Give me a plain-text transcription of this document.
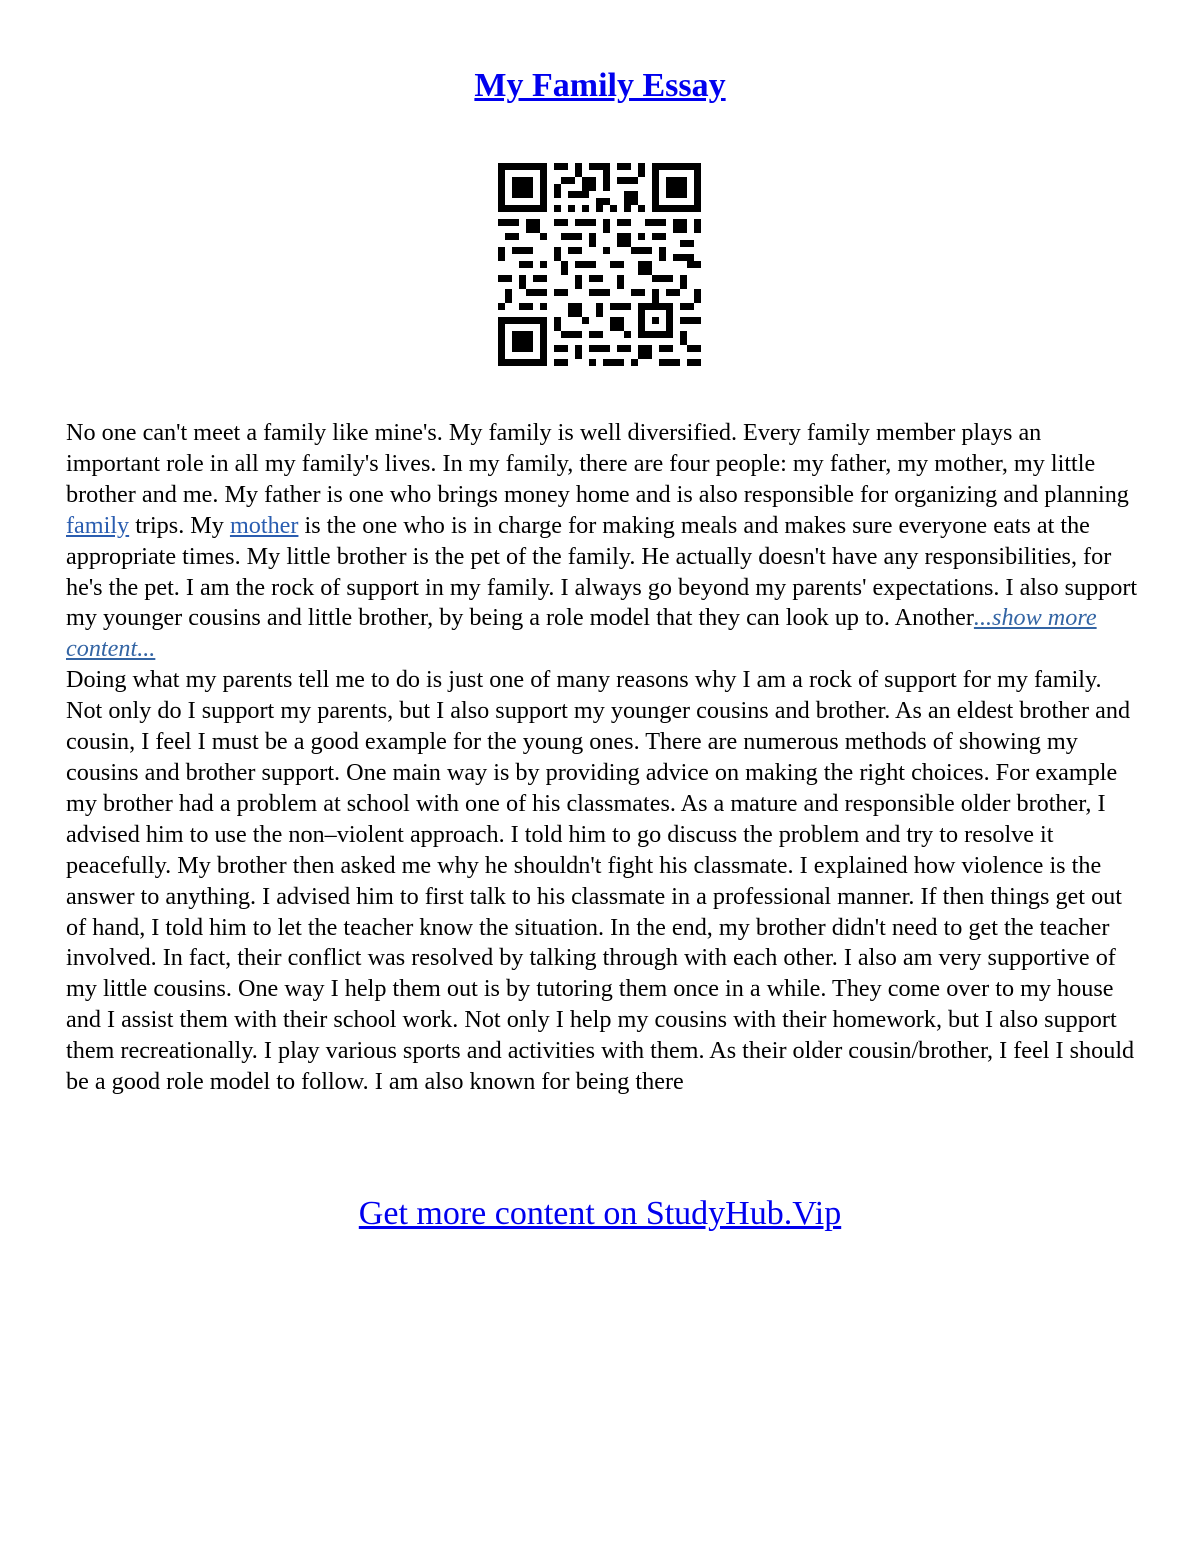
My Family Essay

No one can't meet a family like mine's. My family is well diversified. Every family member plays an important role in all my family's lives. In my family, there are four people: my father, my mother, my little brother and me. My father is one who brings money home and is also responsible for organizing and planning family trips. My mother is the one who is in charge for making meals and makes sure everyone eats at the appropriate times. My little brother is the pet of the family. He actually doesn't have any responsibilities, for he's the pet. I am the rock of support in my family. I always go beyond my parents' expectations. I also support my younger cousins and little brother, by being a role model that they can look up to. Another...show more content...

Doing what my parents tell me to do is just one of many reasons why I am a rock of support for my family. Not only do I support my parents, but I also support my younger cousins and brother. As an eldest brother and cousin, I feel I must be a good example for the young ones. There are numerous methods of showing my cousins and brother support. One main way is by providing advice on making the right choices. For example my brother had a problem at school with one of his classmates. As a mature and responsible older brother, I advised him to use the non–violent approach. I told him to go discuss the problem and try to resolve it peacefully. My brother then asked me why he shouldn't fight his classmate. I explained how violence is the answer to anything. I advised him to first talk to his classmate in a professional manner. If then things get out of hand, I told him to let the teacher know the situation. In the end, my brother didn't need to get the teacher involved. In fact, their conflict was resolved by talking through with each other. I also am very supportive of my little cousins. One way I help them out is by tutoring them once in a while. They come over to my house and I assist them with their school work. Not only I help my cousins with their homework, but I also support them recreationally. I play various sports and activities with them. As their older cousin/brother, I feel I should be a good role model to follow. I am also known for being there

Get more content on StudyHub.Vip
